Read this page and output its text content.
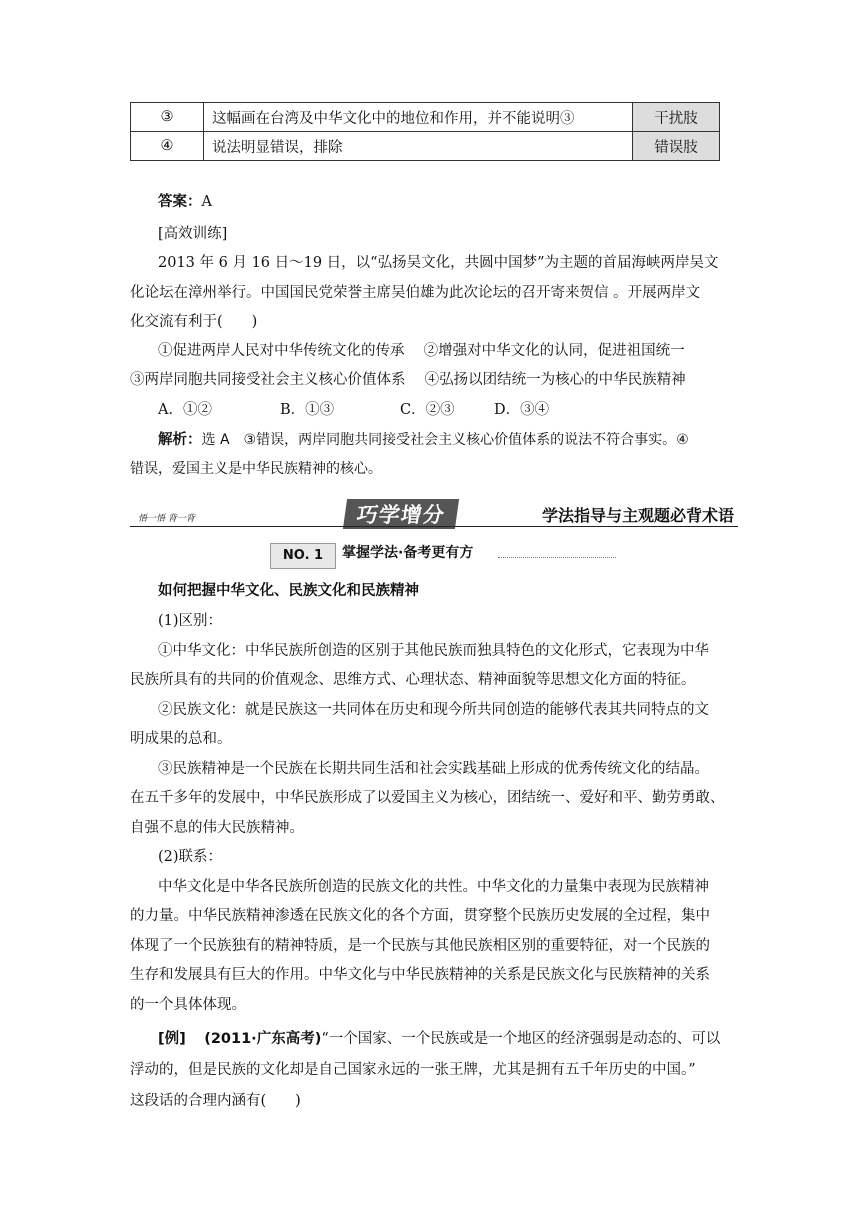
③	这幅画在台湾及中华文化中的地位和作用，并不能说明③	干扰肢
④	说法明显错误，排除	错误肢
答案：A
[高效训练]
2013 年 6 月 16 日～19 日，以“弘扬吴文化，共圆中国梦”为主题的首届海峡两岸吴文
化论坛在漳州举行。中国国民党荣誉主席吴伯雄为此次论坛的召开寄来贺信 。开展两岸文
化交流有利于(　　)
①促进两岸人民对中华传统文化的传承　 ②增强对中华文化的认同，促进祖国统一
③两岸同胞共同接受社会主义核心价值体系　 ④弘扬以团结统一为核心的中华民族精神
A．①②	B．①③	C．②③	D．③④
解析：选 A　③错误，两岸同胞共同接受社会主义核心价值体系的说法不符合事实。④
错误，爱国主义是中华民族精神的核心。
悟一悟 背一背	巧学增分	学法指导与主观题必背术语
NO. 1	掌握学法·备考更有方
如何把握中华文化、民族文化和民族精神
(1)区别：
①中华文化：中华民族所创造的区别于其他民族而独具特色的文化形式，它表现为中华
民族所具有的共同的价值观念、思维方式、心理状态、精神面貌等思想文化方面的特征。
②民族文化：就是民族这一共同体在历史和现今所共同创造的能够代表其共同特点的文
明成果的总和。
③民族精神是一个民族在长期共同生活和社会实践基础上形成的优秀传统文化的结晶。
在五千多年的发展中，中华民族形成了以爱国主义为核心，团结统一、爱好和平、勤劳勇敢、
自强不息的伟大民族精神。
(2)联系：
中华文化是中华各民族所创造的民族文化的共性。中华文化的力量集中表现为民族精神
的力量。中华民族精神渗透在民族文化的各个方面，贯穿整个民族历史发展的全过程，集中
体现了一个民族独有的精神特质，是一个民族与其他民族相区别的重要特征，对一个民族的
生存和发展具有巨大的作用。中华文化与中华民族精神的关系是民族文化与民族精神的关系
的一个具体体现。
[例] (2011·广东高考)“一个国家、一个民族或是一个地区的经济强弱是动态的、可以
浮动的，但是民族的文化却是自己国家永远的一张王牌，尤其是拥有五千年历史的中国。”
这段话的合理内涵有(　　)
